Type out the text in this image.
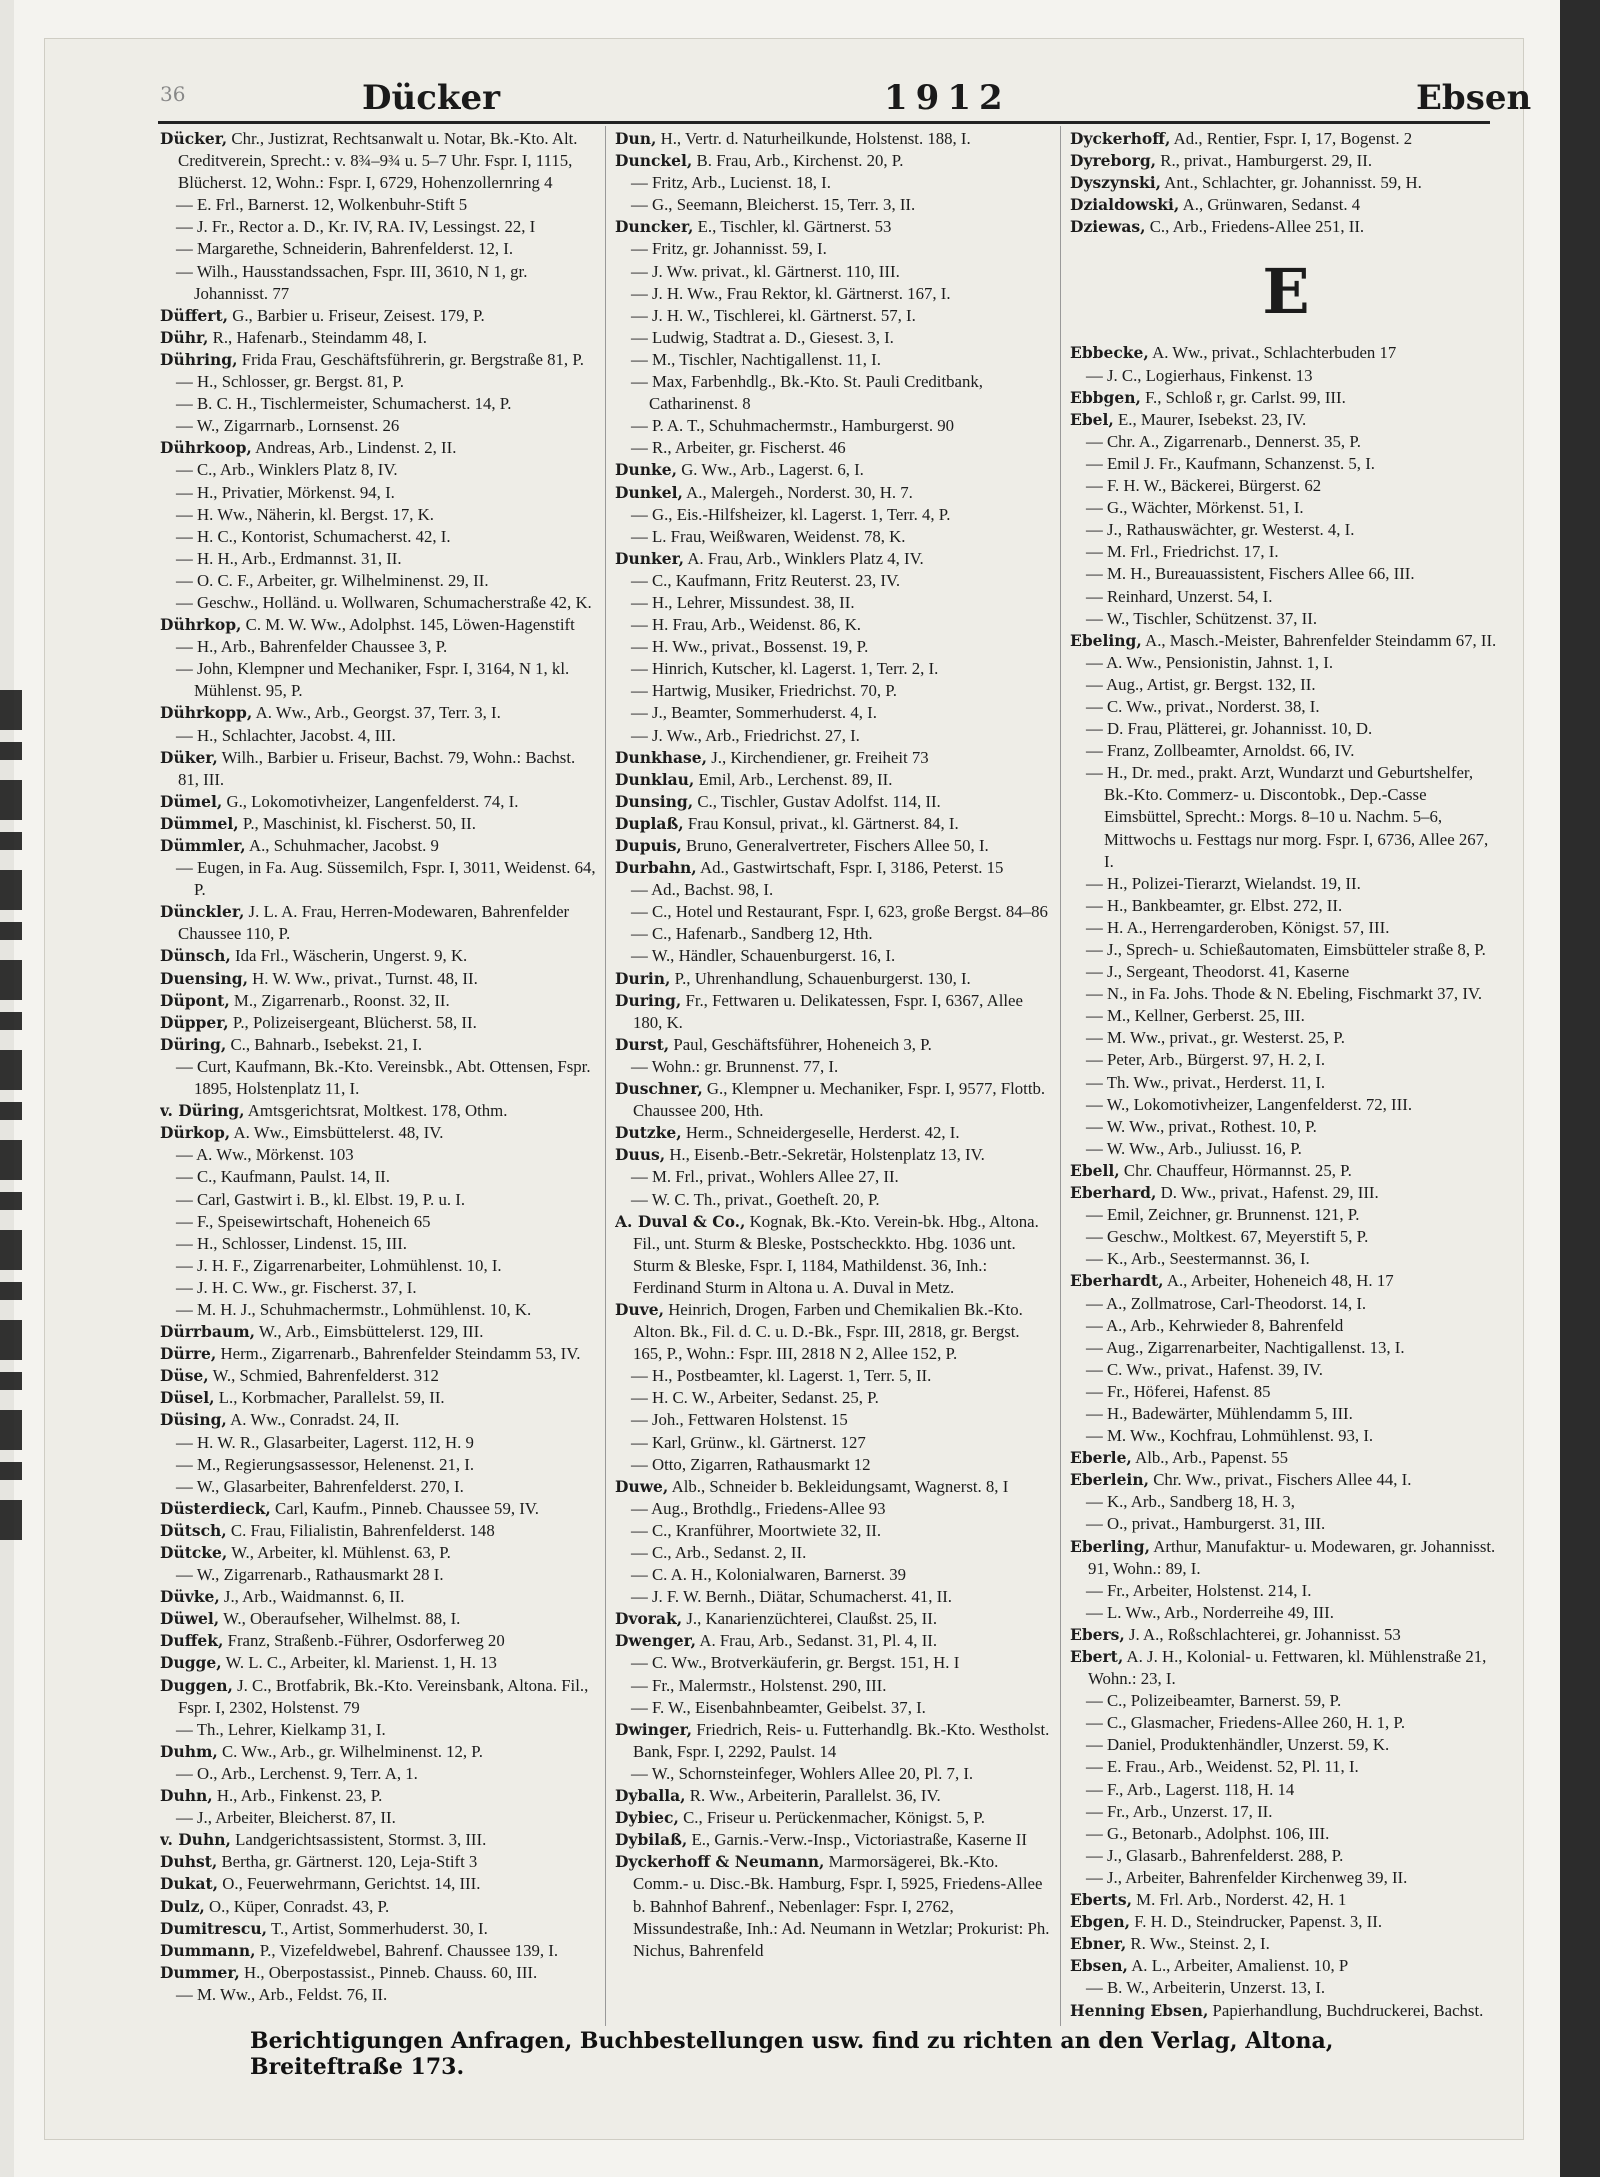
36	Dücker	1912	Ebsen
Dücker, Chr., Justizrat, Rechtsanwalt u. Notar, Bk.-Kto. Alt. Creditverein, Sprecht.: v. 8¾–9¾ u. 5–7 Uhr. Fspr. I, 1115, Blücherst. 12, Wohn.: Fspr. I, 6729, Hohenzollernring 4
— E. Frl., Barnerst. 12, Wolkenbuhr-Stift 5
— J. Fr., Rector a. D., Kr. IV, RA. IV, Lessingst. 22, I
— Margarethe, Schneiderin, Bahrenfelderst. 12, I.
— Wilh., Hausstandssachen, Fspr. III, 3610, N 1, gr. Johannisst. 77
Düffert, G., Barbier u. Friseur, Zeisest. 179, P.
Dühr, R., Hafenarb., Steindamm 48, I.
Dühring, Frida Frau, Geschäftsführerin, gr. Bergstraße 81, P.
— H., Schlosser, gr. Bergst. 81, P.
— B. C. H., Tischlermeister, Schumacherst. 14, P.
— W., Zigarrnarb., Lornsenst. 26
Dührkoop, Andreas, Arb., Lindenst. 2, II.
— C., Arb., Winklers Platz 8, IV.
— H., Privatier, Mörkenst. 94, I.
— H. Ww., Näherin, kl. Bergst. 17, K.
— H. C., Kontorist, Schumacherst. 42, I.
— H. H., Arb., Erdmannst. 31, II.
— O. C. F., Arbeiter, gr. Wilhelminenst. 29, II.
— Geschw., Holländ. u. Wollwaren, Schumacherstraße 42, K.
Dührkop, C. M. W. Ww., Adolphst. 145, Löwen-Hagenstift
— H., Arb., Bahrenfelder Chaussee 3, P.
— John, Klempner und Mechaniker, Fspr. I, 3164, N 1, kl. Mühlenst. 95, P.
Dührkopp, A. Ww., Arb., Georgst. 37, Terr. 3, I.
— H., Schlachter, Jacobst. 4, III.
Düker, Wilh., Barbier u. Friseur, Bachst. 79, Wohn.: Bachst. 81, III.
Dümel, G., Lokomotivheizer, Langenfelderst. 74, I.
Dümmel, P., Maschinist, kl. Fischerst. 50, II.
Dümmler, A., Schuhmacher, Jacobst. 9
— Eugen, in Fa. Aug. Süssemilch, Fspr. I, 3011, Weidenst. 64, P.
Dünckler, J. L. A. Frau, Herren-Modewaren, Bahrenfelder Chaussee 110, P.
Dünsch, Ida Frl., Wäscherin, Ungerst. 9, K.
Duensing, H. W. Ww., privat., Turnst. 48, II.
Düpont, M., Zigarrenarb., Roonst. 32, II.
Düpper, P., Polizeisergeant, Blücherst. 58, II.
Düring, C., Bahnarb., Isebekst. 21, I.
— Curt, Kaufmann, Bk.-Kto. Vereinsbk., Abt. Ottensen, Fspr. 1895, Holstenplatz 11, I.
v. Düring, Amtsgerichtsrat, Moltkest. 178, Othm.
Dürkop, A. Ww., Eimsbüttelerst. 48, IV.
— A. Ww., Mörkenst. 103
— C., Kaufmann, Paulst. 14, II.
— Carl, Gastwirt i. B., kl. Elbst. 19, P. u. I.
— F., Speisewirtschaft, Hoheneich 65
— H., Schlosser, Lindenst. 15, III.
— J. H. F., Zigarrenarbeiter, Lohmühlenst. 10, I.
— J. H. C. Ww., gr. Fischerst. 37, I.
— M. H. J., Schuhmachermstr., Lohmühlenst. 10, K.
Dürrbaum, W., Arb., Eimsbüttelerst. 129, III.
Dürre, Herm., Zigarrenarb., Bahrenfelder Steindamm 53, IV.
Düse, W., Schmied, Bahrenfelderst. 312
Düsel, L., Korbmacher, Parallelst. 59, II.
Düsing, A. Ww., Conradst. 24, II.
— H. W. R., Glasarbeiter, Lagerst. 112, H. 9
— M., Regierungsassessor, Helenenst. 21, I.
— W., Glasarbeiter, Bahrenfelderst. 270, I.
Düsterdieck, Carl, Kaufm., Pinneb. Chaussee 59, IV.
Dütsch, C. Frau, Filialistin, Bahrenfelderst. 148
Dütcke, W., Arbeiter, kl. Mühlenst. 63, P.
— W., Zigarrenarb., Rathausmarkt 28 I.
Düvke, J., Arb., Waidmannst. 6, II.
Düwel, W., Oberaufseher, Wilhelmst. 88, I.
Duffek, Franz, Straßenb.-Führer, Osdorferweg 20
Dugge, W. L. C., Arbeiter, kl. Marienst. 1, H. 13
Duggen, J. C., Brotfabrik, Bk.-Kto. Vereinsbank, Altona. Fil., Fspr. I, 2302, Holstenst. 79
— Th., Lehrer, Kielkamp 31, I.
Duhm, C. Ww., Arb., gr. Wilhelminenst. 12, P.
— O., Arb., Lerchenst. 9, Terr. A, 1.
Duhn, H., Arb., Finkenst. 23, P.
— J., Arbeiter, Bleicherst. 87, II.
v. Duhn, Landgerichtsassistent, Stormst. 3, III.
Duhst, Bertha, gr. Gärtnerst. 120, Leja-Stift 3
Dukat, O., Feuerwehrmann, Gerichtst. 14, III.
Dulz, O., Küper, Conradst. 43, P.
Dumitrescu, T., Artist, Sommerhuderst. 30, I.
Dummann, P., Vizefeldwebel, Bahrenf. Chaussee 139, I.
Dummer, H., Oberpostassist., Pinneb. Chauss. 60, III.
— M. Ww., Arb., Feldst. 76, II.
Dun, H., Vertr. d. Naturheilkunde, Holstenst. 188, I.
Dunckel, B. Frau, Arb., Kirchenst. 20, P.
— Fritz, Arb., Lucienst. 18, I.
— G., Seemann, Bleicherst. 15, Terr. 3, II.
Duncker, E., Tischler, kl. Gärtnerst. 53
— Fritz, gr. Johannisst. 59, I.
— J. Ww. privat., kl. Gärtnerst. 110, III.
— J. H. Ww., Frau Rektor, kl. Gärtnerst. 167, I.
— J. H. W., Tischlerei, kl. Gärtnerst. 57, I.
— Ludwig, Stadtrat a. D., Giesest. 3, I.
— M., Tischler, Nachtigallenst. 11, I.
— Max, Farbenhdlg., Bk.-Kto. St. Pauli Creditbank, Catharinenst. 8
— P. A. T., Schuhmachermstr., Hamburgerst. 90
— R., Arbeiter, gr. Fischerst. 46
Dunke, G. Ww., Arb., Lagerst. 6, I.
Dunkel, A., Malergeh., Norderst. 30, H. 7.
— G., Eis.-Hilfsheizer, kl. Lagerst. 1, Terr. 4, P.
— L. Frau, Weißwaren, Weidenst. 78, K.
Dunker, A. Frau, Arb., Winklers Platz 4, IV.
— C., Kaufmann, Fritz Reuterst. 23, IV.
— H., Lehrer, Missundest. 38, II.
— H. Frau, Arb., Weidenst. 86, K.
— H. Ww., privat., Bossenst. 19, P.
— Hinrich, Kutscher, kl. Lagerst. 1, Terr. 2, I.
— Hartwig, Musiker, Friedrichst. 70, P.
— J., Beamter, Sommerhuderst. 4, I.
— J. Ww., Arb., Friedrichst. 27, I.
Dunkhase, J., Kirchendiener, gr. Freiheit 73
Dunklau, Emil, Arb., Lerchenst. 89, II.
Dunsing, C., Tischler, Gustav Adolfst. 114, II.
Duplaß, Frau Konsul, privat., kl. Gärtnerst. 84, I.
Dupuis, Bruno, Generalvertreter, Fischers Allee 50, I.
Durbahn, Ad., Gastwirtschaft, Fspr. I, 3186, Peterst. 15
— Ad., Bachst. 98, I.
— C., Hotel und Restaurant, Fspr. I, 623, große Bergst. 84–86
— C., Hafenarb., Sandberg 12, Hth.
— W., Händler, Schauenburgerst. 16, I.
Durin, P., Uhrenhandlung, Schauenburgerst. 130, I.
During, Fr., Fettwaren u. Delikatessen, Fspr. I, 6367, Allee 180, K.
Durst, Paul, Geschäftsführer, Hoheneich 3, P.
— Wohn.: gr. Brunnenst. 77, I.
Duschner, G., Klempner u. Mechaniker, Fspr. I, 9577, Flottb. Chaussee 200, Hth.
Dutzke, Herm., Schneidergeselle, Herderst. 42, I.
Duus, H., Eisenb.-Betr.-Sekretär, Holstenplatz 13, IV.
— M. Frl., privat., Wohlers Allee 27, II.
— W. C. Th., privat., Goetheſt. 20, P.
A. Duval & Co., Kognak, Bk.-Kto. Verein-bk. Hbg., Altona. Fil., unt. Sturm & Bleske, Postscheckkto. Hbg. 1036 unt. Sturm & Bleske, Fspr. I, 1184, Mathildenst. 36, Inh.: Ferdinand Sturm in Altona u. A. Duval in Metz.
Duve, Heinrich, Drogen, Farben und Chemikalien Bk.-Kto. Alton. Bk., Fil. d. C. u. D.-Bk., Fspr. III, 2818, gr. Bergst. 165, P., Wohn.: Fspr. III, 2818 N 2, Allee 152, P.
— H., Postbeamter, kl. Lagerst. 1, Terr. 5, II.
— H. C. W., Arbeiter, Sedanst. 25, P.
— Joh., Fettwaren Holstenst. 15
— Karl, Grünw., kl. Gärtnerst. 127
— Otto, Zigarren, Rathausmarkt 12
Duwe, Alb., Schneider b. Bekleidungsamt, Wagnerst. 8, I
— Aug., Brothdlg., Friedens-Allee 93
— C., Kranführer, Moortwiete 32, II.
— C., Arb., Sedanst. 2, II.
— C. A. H., Kolonialwaren, Barnerst. 39
— J. F. W. Bernh., Diätar, Schumacherst. 41, II.
Dvorak, J., Kanarienzüchterei, Claußst. 25, II.
Dwenger, A. Frau, Arb., Sedanst. 31, Pl. 4, II.
— C. Ww., Brotverkäuferin, gr. Bergst. 151, H. I
— Fr., Malermstr., Holstenst. 290, III.
— F. W., Eisenbahnbeamter, Geibelst. 37, I.
Dwinger, Friedrich, Reis- u. Futterhandlg. Bk.-Kto. Westholst. Bank, Fspr. I, 2292, Paulst. 14
— W., Schornsteinfeger, Wohlers Allee 20, Pl. 7, I.
Dyballa, R. Ww., Arbeiterin, Parallelst. 36, IV.
Dybiec, C., Friseur u. Perückenmacher, Königst. 5, P.
Dybilaß, E., Garnis.-Verw.-Insp., Victoriastraße, Kaserne II
Dyckerhoff & Neumann, Marmorsägerei, Bk.-Kto. Comm.- u. Disc.-Bk. Hamburg, Fspr. I, 5925, Friedens-Allee b. Bahnhof Bahrenf., Nebenlager: Fspr. I, 2762, Missundestraße, Inh.: Ad. Neumann in Wetzlar; Prokurist: Ph. Nichus, Bahrenfeld
Dyckerhoff, Ad., Rentier, Fspr. I, 17, Bogenst. 2
Dyreborg, R., privat., Hamburgerst. 29, II.
Dyszynski, Ant., Schlachter, gr. Johannisst. 59, H.
Dzialdowski, A., Grünwaren, Sedanst. 4
Dziewas, C., Arb., Friedens-Allee 251, II.
E
Ebbecke, A. Ww., privat., Schlachterbuden 17
— J. C., Logierhaus, Finkenst. 13
Ebbgen, F., Schloß r, gr. Carlst. 99, III.
Ebel, E., Maurer, Isebekst. 23, IV.
— Chr. A., Zigarrenarb., Dennerst. 35, P.
— Emil J. Fr., Kaufmann, Schanzenst. 5, I.
— F. H. W., Bäckerei, Bürgerst. 62
— G., Wächter, Mörkenst. 51, I.
— J., Rathauswächter, gr. Westerst. 4, I.
— M. Frl., Friedrichst. 17, I.
— M. H., Bureauassistent, Fischers Allee 66, III.
— Reinhard, Unzerst. 54, I.
— W., Tischler, Schützenst. 37, II.
Ebeling, A., Masch.-Meister, Bahrenfelder Steindamm 67, II.
— A. Ww., Pensionistin, Jahnst. 1, I.
— Aug., Artist, gr. Bergst. 132, II.
— C. Ww., privat., Norderst. 38, I.
— D. Frau, Plätterei, gr. Johannisst. 10, D.
— Franz, Zollbeamter, Arnoldst. 66, IV.
— H., Dr. med., prakt. Arzt, Wundarzt und Geburtshelfer, Bk.-Kto. Commerz- u. Discontobk., Dep.-Casse Eimsbüttel, Sprecht.: Morgs. 8–10 u. Nachm. 5–6, Mittwochs u. Festtags nur morg. Fspr. I, 6736, Allee 267, I.
— H., Polizei-Tierarzt, Wielandst. 19, II.
— H., Bankbeamter, gr. Elbst. 272, II.
— H. A., Herrengarderoben, Königst. 57, III.
— J., Sprech- u. Schießautomaten, Eimsbütteler straße 8, P.
— J., Sergeant, Theodorst. 41, Kaserne
— N., in Fa. Johs. Thode & N. Ebeling, Fischmarkt 37, IV.
— M., Kellner, Gerberst. 25, III.
— M. Ww., privat., gr. Westerst. 25, P.
— Peter, Arb., Bürgerst. 97, H. 2, I.
— Th. Ww., privat., Herderst. 11, I.
— W., Lokomotivheizer, Langenfelderst. 72, III.
— W. Ww., privat., Rothest. 10, P.
— W. Ww., Arb., Juliusst. 16, P.
Ebell, Chr. Chauffeur, Hörmannst. 25, P.
Eberhard, D. Ww., privat., Hafenst. 29, III.
— Emil, Zeichner, gr. Brunnenst. 121, P.
— Geschw., Moltkest. 67, Meyerstift 5, P.
— K., Arb., Seestermannst. 36, I.
Eberhardt, A., Arbeiter, Hoheneich 48, H. 17
— A., Zollmatrose, Carl-Theodorst. 14, I.
— A., Arb., Kehrwieder 8, Bahrenfeld
— Aug., Zigarrenarbeiter, Nachtigallenst. 13, I.
— C. Ww., privat., Hafenst. 39, IV.
— Fr., Höferei, Hafenst. 85
— H., Badewärter, Mühlendamm 5, III.
— M. Ww., Kochfrau, Lohmühlenst. 93, I.
Eberle, Alb., Arb., Papenst. 55
Eberlein, Chr. Ww., privat., Fischers Allee 44, I.
— K., Arb., Sandberg 18, H. 3,
— O., privat., Hamburgerst. 31, III.
Eberling, Arthur, Manufaktur- u. Modewaren, gr. Johannisst. 91, Wohn.: 89, I.
— Fr., Arbeiter, Holstenst. 214, I.
— L. Ww., Arb., Norderreihe 49, III.
Ebers, J. A., Roßschlachterei, gr. Johannisst. 53
Ebert, A. J. H., Kolonial- u. Fettwaren, kl. Mühlenstraße 21, Wohn.: 23, I.
— C., Polizeibeamter, Barnerst. 59, P.
— C., Glasmacher, Friedens-Allee 260, H. 1, P.
— Daniel, Produktenhändler, Unzerst. 59, K.
— E. Frau., Arb., Weidenst. 52, Pl. 11, I.
— F., Arb., Lagerst. 118, H. 14
— Fr., Arb., Unzerst. 17, II.
— G., Betonarb., Adolphst. 106, III.
— J., Glasarb., Bahrenfelderst. 288, P.
— J., Arbeiter, Bahrenfelder Kirchenweg 39, II.
Eberts, M. Frl. Arb., Norderst. 42, H. 1
Ebgen, F. H. D., Steindrucker, Papenst. 3, II.
Ebner, R. Ww., Steinst. 2, I.
Ebsen, A. L., Arbeiter, Amalienst. 10, P
— B. W., Arbeiterin, Unzerst. 13, I.
Henning Ebsen, Papierhandlung, Buchdruckerei, Bachst.
Berichtigungen Anfragen, Buchbestellungen usw. find zu richten an den Verlag, Altona, Breiteftraße 173.
